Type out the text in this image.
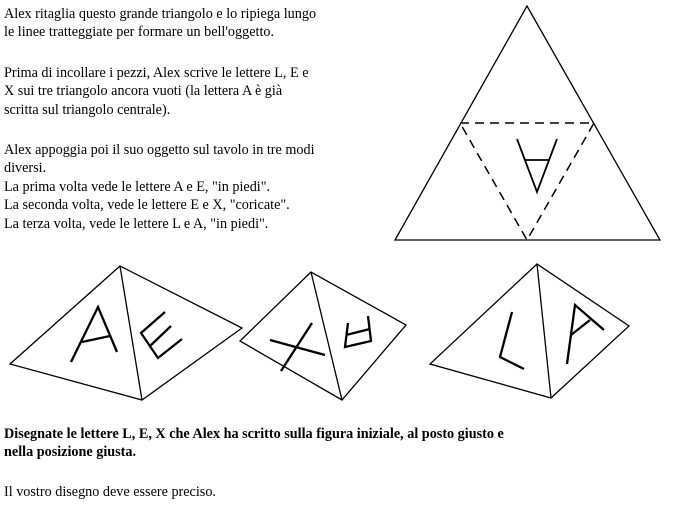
Alex ritaglia questo grande triangolo e lo ripiega lungo
le linee tratteggiate per formare un bell'oggetto.
Prima di incollare i pezzi, Alex scrive le lettere L, E e
X sui tre triangolo ancora vuoti (la lettera A è già
scritta sul triangolo centrale).
Alex appoggia poi il suo oggetto sul tavolo in tre modi
diversi.
La prima volta vede le lettere A e E, "in piedi".
La seconda volta, vede le lettere E e X, "coricate".
La terza volta, vede le lettere L e A, "in piedi".
Disegnate le lettere L, E, X che Alex ha scritto sulla figura iniziale, al posto giusto e
nella posizione giusta.
Il vostro disegno deve essere preciso.
